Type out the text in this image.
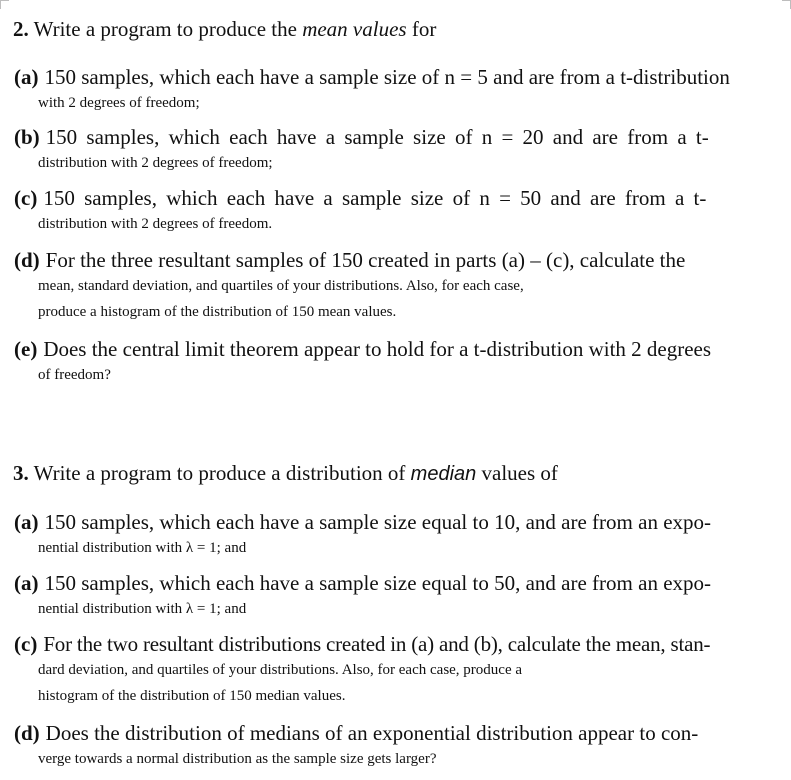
2. Write a program to produce the mean values for
(a) 150 samples, which each have a sample size of n = 5 and are from a t-distribution
with 2 degrees of freedom;
(b) 150 samples, which each have a sample size of n = 20 and are from a t-
distribution with 2 degrees of freedom;
(c) 150 samples, which each have a sample size of n = 50 and are from a t-
distribution with 2 degrees of freedom.
(d) For the three resultant samples of 150 created in parts (a) – (c), calculate the
mean, standard deviation, and quartiles of your distributions. Also, for each case,
produce a histogram of the distribution of 150 mean values.
(e) Does the central limit theorem appear to hold for a t-distribution with 2 degrees
of freedom?
3. Write a program to produce a distribution of median values of
(a) 150 samples, which each have a sample size equal to 10, and are from an expo-
nential distribution with λ = 1; and
(a) 150 samples, which each have a sample size equal to 50, and are from an expo-
nential distribution with λ = 1; and
(c) For the two resultant distributions created in (a) and (b), calculate the mean, stan-
dard deviation, and quartiles of your distributions. Also, for each case, produce a
histogram of the distribution of 150 median values.
(d) Does the distribution of medians of an exponential distribution appear to con-
verge towards a normal distribution as the sample size gets larger?
